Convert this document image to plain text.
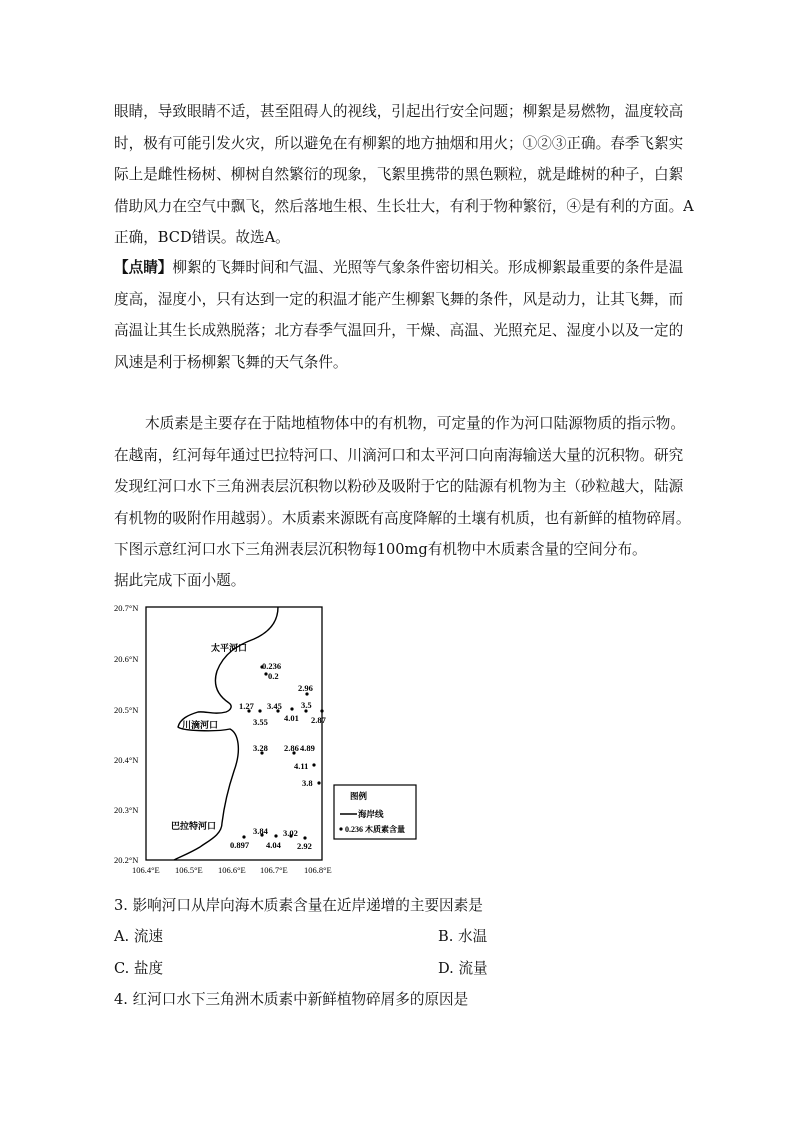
眼睛，导致眼睛不适，甚至阻碍人的视线，引起出行安全问题；柳絮是易燃物，温度较高时，极有可能引发火灾，所以避免在有柳絮的地方抽烟和用火；①②③正确。春季飞絮实际上是雌性杨树、柳树自然繁衍的现象，飞絮里携带的黑色颗粒，就是雌树的种子，白絮借助风力在空气中飘飞，然后落地生根、生长壮大，有利于物种繁衍，④是有利的方面。A正确，BCD错误。故选A。

【点睛】柳絮的飞舞时间和气温、光照等气象条件密切相关。形成柳絮最重要的条件是温度高，湿度小，只有达到一定的积温才能产生柳絮飞舞的条件，风是动力，让其飞舞，而高温让其生长成熟脱落；北方春季气温回升，干燥、高温、光照充足、湿度小以及一定的风速是利于杨柳絮飞舞的天气条件。

木质素是主要存在于陆地植物体中的有机物，可定量的作为河口陆源物质的指示物。在越南，红河每年通过巴拉特河口、川滴河口和太平河口向南海输送大量的沉积物。研究发现红河口水下三角洲表层沉积物以粉砂及吸附于它的陆源有机物为主（砂粒越大，陆源有机物的吸附作用越弱）。木质素来源既有高度降解的土壤有机质，也有新鲜的植物碎屑。下图示意红河口水下三角洲表层沉积物每100mg有机物中木质素含量的空间分布。

据此完成下面小题。

20.7°N
20.6°N
20.5°N
20.4°N
20.3°N
20.2°N
106.4°E 106.5°E 106.6°E 106.7°E 106.8°E
太平河口
川滴河口
巴拉特河口
0.236
0.2
2.96
1.27 3.45 3.5
4.01 2.87
3.55
3.28 2.86 4.89
4.11
3.8
3.84 3.02
0.897 4.04 2.92
图例
海岸线
0.236 木质素含量
3. 影响河口从岸向海木质素含量在近岸递增的主要因素是
A. 流速	B. 水温
C. 盐度	D. 流量
4. 红河口水下三角洲木质素中新鲜植物碎屑多的原因是
